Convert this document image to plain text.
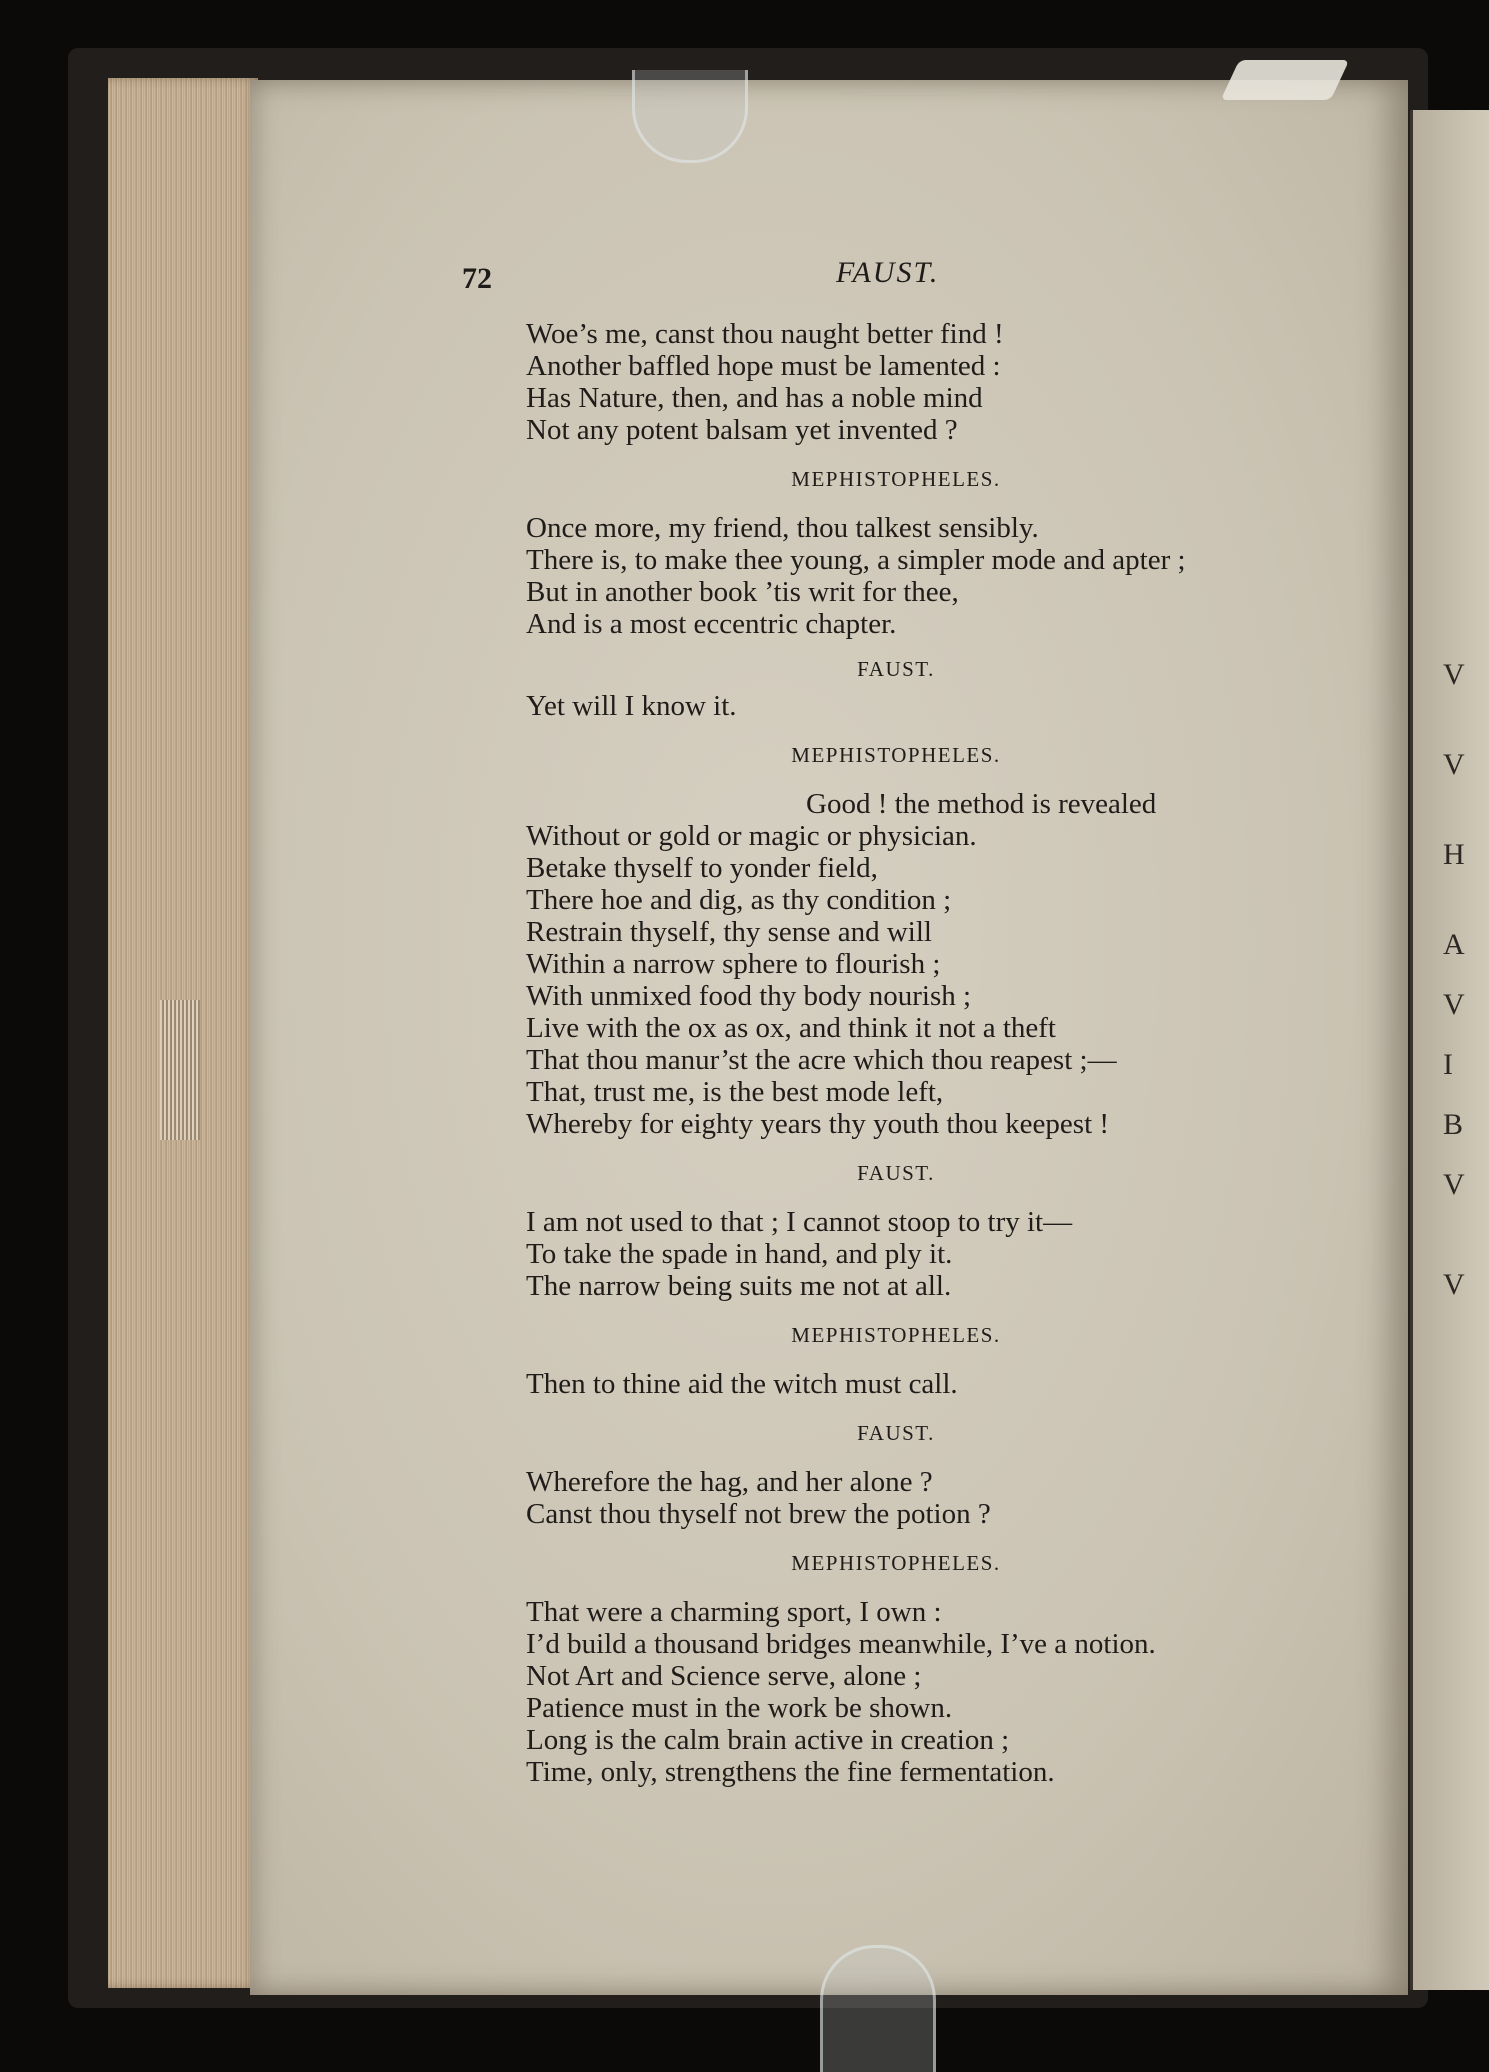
V
V
H
A
V
I
B
V
V
72	FAUST.
Woe’s me, canst thou naught better find !
Another baffled hope must be lamented :
Has Nature, then, and has a noble mind
Not any potent balsam yet invented ?
MEPHISTOPHELES.
Once more, my friend, thou talkest sensibly.
There is, to make thee young, a simpler mode and apter ;
But in another book ’tis writ for thee,
And is a most eccentric chapter.
FAUST.
Yet will I know it.
MEPHISTOPHELES.
Good ! the method is revealed
Without or gold or magic or physician.
Betake thyself to yonder field,
There hoe and dig, as thy condition ;
Restrain thyself, thy sense and will
Within a narrow sphere to flourish ;
With unmixed food thy body nourish ;
Live with the ox as ox, and think it not a theft
That thou manur’st the acre which thou reapest ;—
That, trust me, is the best mode left,
Whereby for eighty years thy youth thou keepest !
FAUST.
I am not used to that ; I cannot stoop to try it—
To take the spade in hand, and ply it.
The narrow being suits me not at all.
MEPHISTOPHELES.
Then to thine aid the witch must call.
FAUST.
Wherefore the hag, and her alone ?
Canst thou thyself not brew the potion ?
MEPHISTOPHELES.
That were a charming sport, I own :
I’d build a thousand bridges meanwhile, I’ve a notion.
Not Art and Science serve, alone ;
Patience must in the work be shown.
Long is the calm brain active in creation ;
Time, only, strengthens the fine fermentation.
